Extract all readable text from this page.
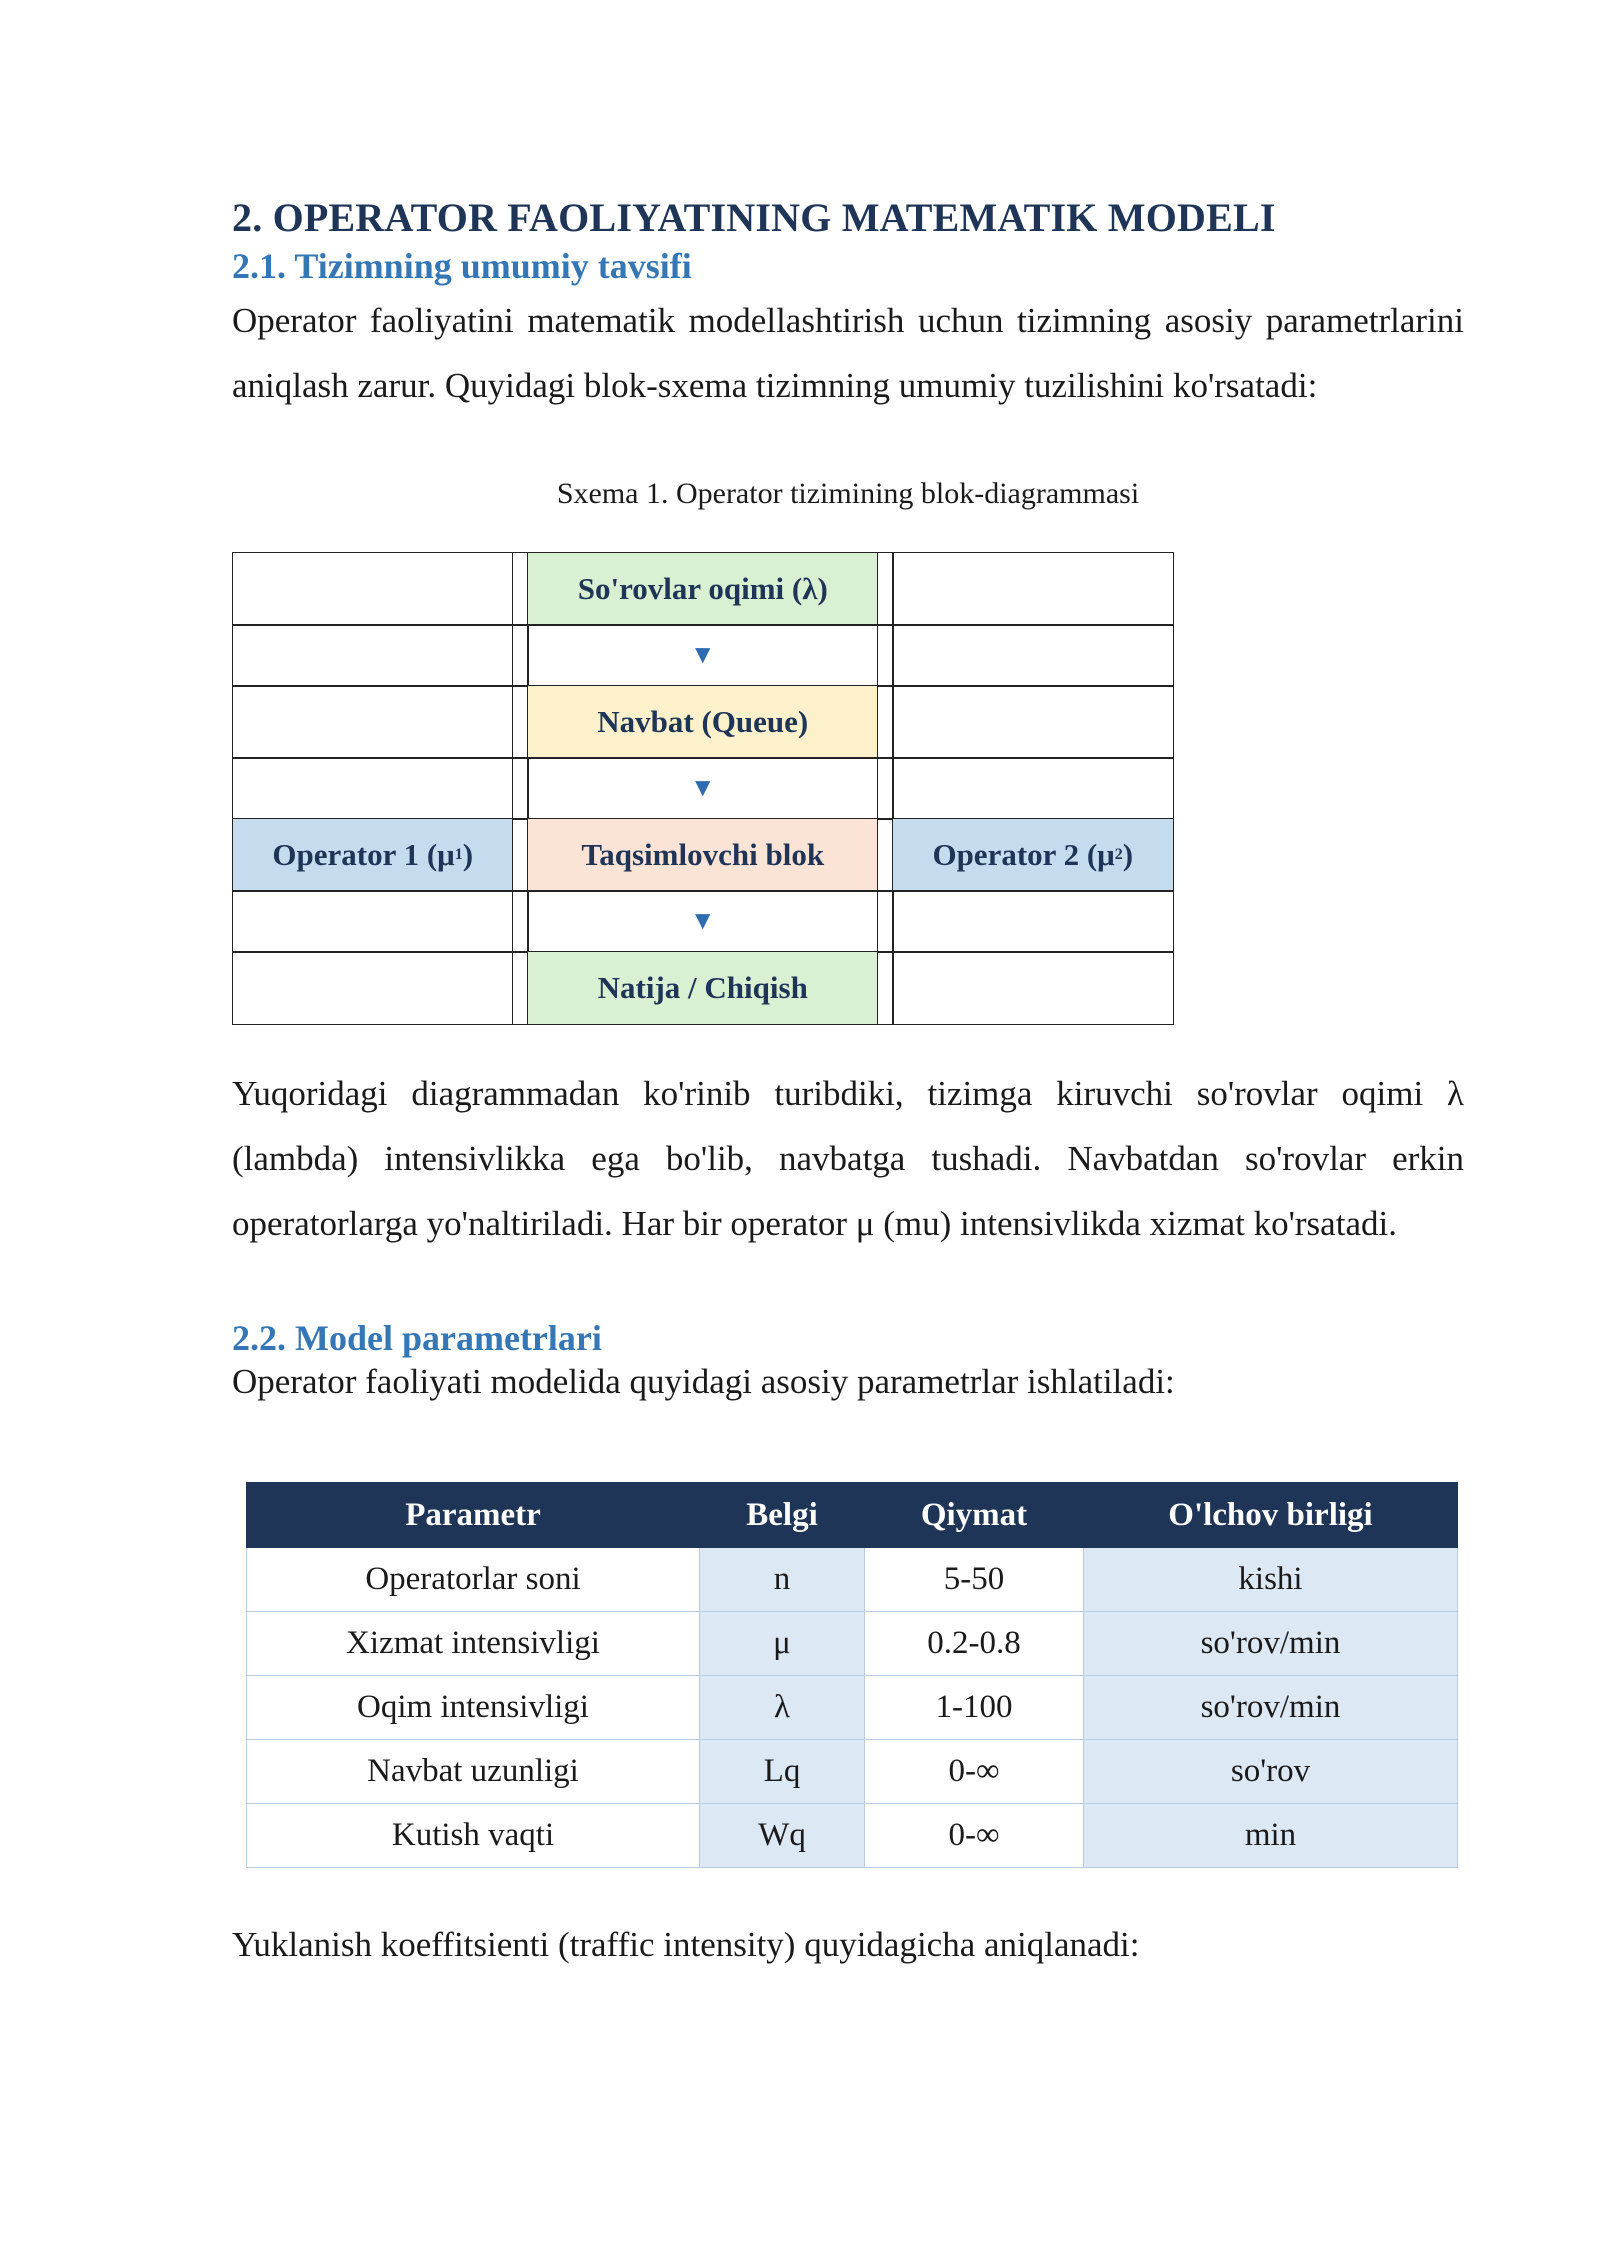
2. OPERATOR FAOLIYATINING MATEMATIK MODELI
2.1. Tizimning umumiy tavsifi

Operator faoliyatini matematik modellashtirish uchun tizimning asosiy parametrlarini aniqlash zarur. Quyidagi blok-sxema tizimning umumiy tuzilishini ko'rsatadi:

Sxema 1. Operator tizimining blok-diagrammasi

So'rovlar oqimi (λ)
▼
Navbat (Queue)
▼
Operator 1 (μ 1 )	Taqsimlovchi blok	Operator 2 (μ 2 )
▼
Natija / Chiqish

Yuqoridagi diagrammadan ko'rinib turibdiki, tizimga kiruvchi so'rovlar oqimi λ (lambda) intensivlikka ega bo'lib, navbatga tushadi. Navbatdan so'rovlar erkin operatorlarga yo'naltiriladi. Har bir operator μ (mu) intensivlikda xizmat ko'rsatadi.

2.2. Model parametrlari

Operator faoliyati modelida quyidagi asosiy parametrlar ishlatiladi:

Parametr	Belgi	Qiymat	O'lchov birligi
Operatorlar soni	n	5-50	kishi
Xizmat intensivligi	μ	0.2-0.8	so'rov/min
Oqim intensivligi	λ	1-100	so'rov/min
Navbat uzunligi	Lq	0-∞	so'rov
Kutish vaqti	Wq	0-∞	min

Yuklanish koeffitsienti (traffic intensity) quyidagicha aniqlanadi:
